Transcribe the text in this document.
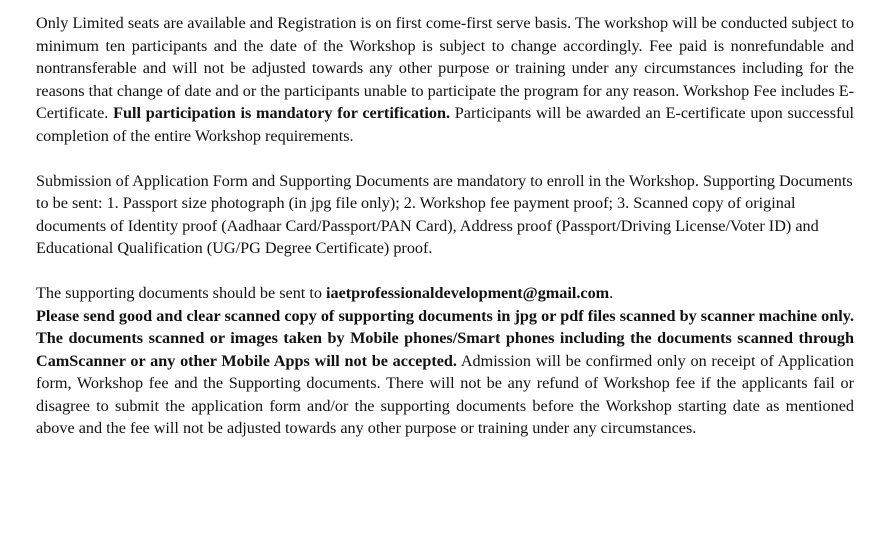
Only Limited seats are available and Registration is on first come-first serve basis. The workshop will be conducted subject to minimum ten participants and the date of the Workshop is subject to change accordingly. Fee paid is nonrefundable and nontransferable and will not be adjusted towards any other purpose or training under any circumstances including for the reasons that change of date and or the participants unable to participate the program for any reason. Workshop Fee includes E-Certificate. Full participation is mandatory for certification. Participants will be awarded an E-certificate upon successful completion of the entire Workshop requirements.

Submission of Application Form and Supporting Documents are mandatory to enroll in the Workshop. Supporting Documents to be sent: 1. Passport size photograph (in jpg file only); 2. Workshop fee payment proof; 3. Scanned copy of original documents of Identity proof (Aadhaar Card/Passport/PAN Card), Address proof (Passport/Driving License/Voter ID) and Educational Qualification (UG/PG Degree Certificate) proof.

The supporting documents should be sent to iaetprofessionaldevelopment@gmail.com.
Please send good and clear scanned copy of supporting documents in jpg or pdf files scanned by scanner machine only. The documents scanned or images taken by Mobile phones/Smart phones including the documents scanned through CamScanner or any other Mobile Apps will not be accepted. Admission will be confirmed only on receipt of Application form, Workshop fee and the Supporting documents. There will not be any refund of Workshop fee if the applicants fail or disagree to submit the application form and/or the supporting documents before the Workshop starting date as mentioned above and the fee will not be adjusted towards any other purpose or training under any circumstances.
